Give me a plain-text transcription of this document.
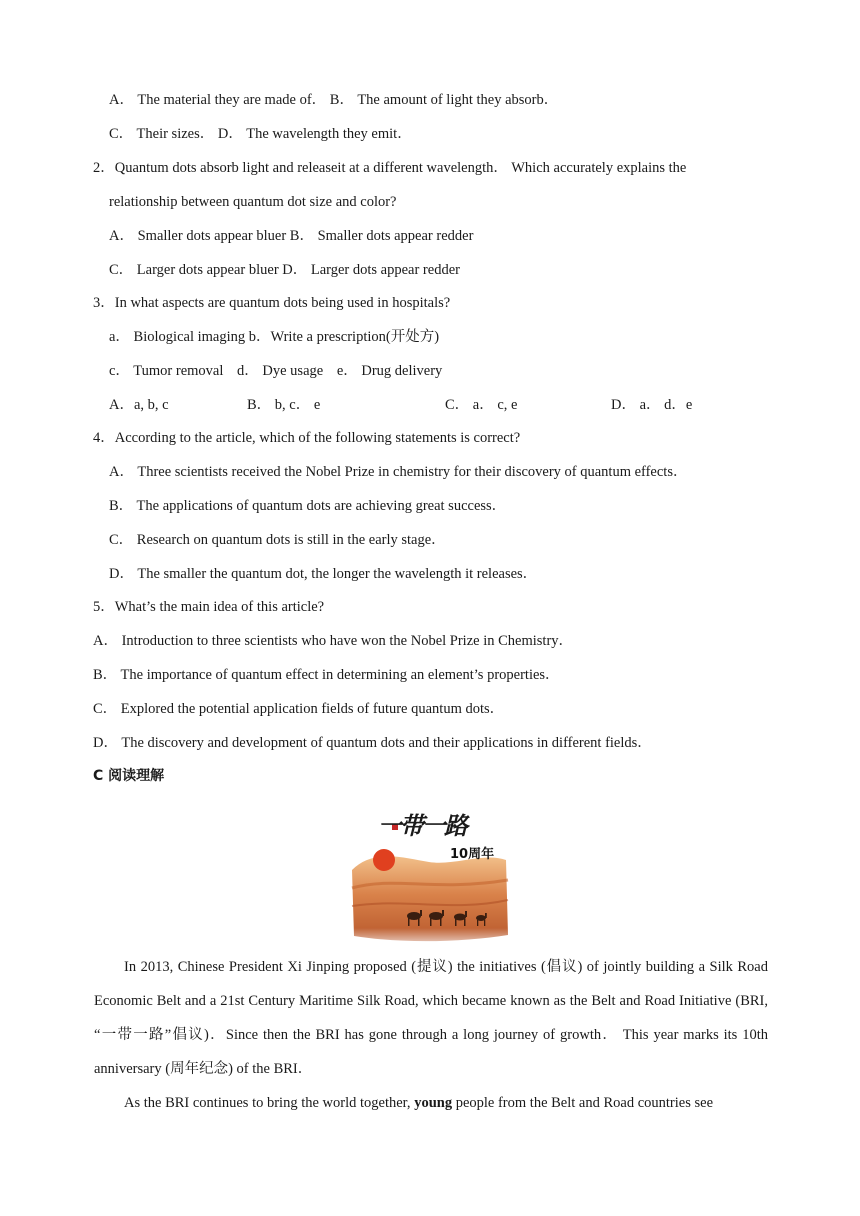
A． The material they are made of． B． The amount of light they absorb．
C． Their sizes． D． The wavelength they emit．
2．Quantum dots absorb light and releaseit at a different wavelength． Which accurately explains the
relationship between quantum dot size and color?
A． Smaller dots appear bluer B． Smaller dots appear redder
C． Larger dots appear bluer D． Larger dots appear redder
3．In what aspects are quantum dots being used in hospitals?
a． Biological imaging b．Write a prescription(开处方)
c． Tumor removal d． Dye usage e． Drug delivery
A．a, b, c	B． b, c． e	C． a． c, e	D． a． d．e
4．According to the article, which of the following statements is correct?
A． Three scientists received the Nobel Prize in chemistry for their discovery of quantum effects．
B． The applications of quantum dots are achieving great success．
C． Research on quantum dots is still in the early stage．
D． The smaller the quantum dot, the longer the wavelength it releases．
5．What’s the main idea of this article?
A． Introduction to three scientists who have won the Nobel Prize in Chemistry．
B． The importance of quantum effect in determining an element’s properties．
C． Explored the potential application fields of future quantum dots．
D． The discovery and development of quantum dots and their applications in different fields．
C 阅读理解
一带一路
10周年

In 2013, Chinese President Xi Jinping proposed (提议) the initiatives (倡议) of jointly building a Silk Road Economic Belt and a 21st Century Maritime Silk Road, which became known as the Belt and Road Initiative (BRI, “一带一路”倡议)．Since then the BRI has gone through a long journey of growth． This year marks its 10th anniversary (周年纪念) of the BRI．

As the BRI continues to bring the world together, young people from the Belt and Road countries see
